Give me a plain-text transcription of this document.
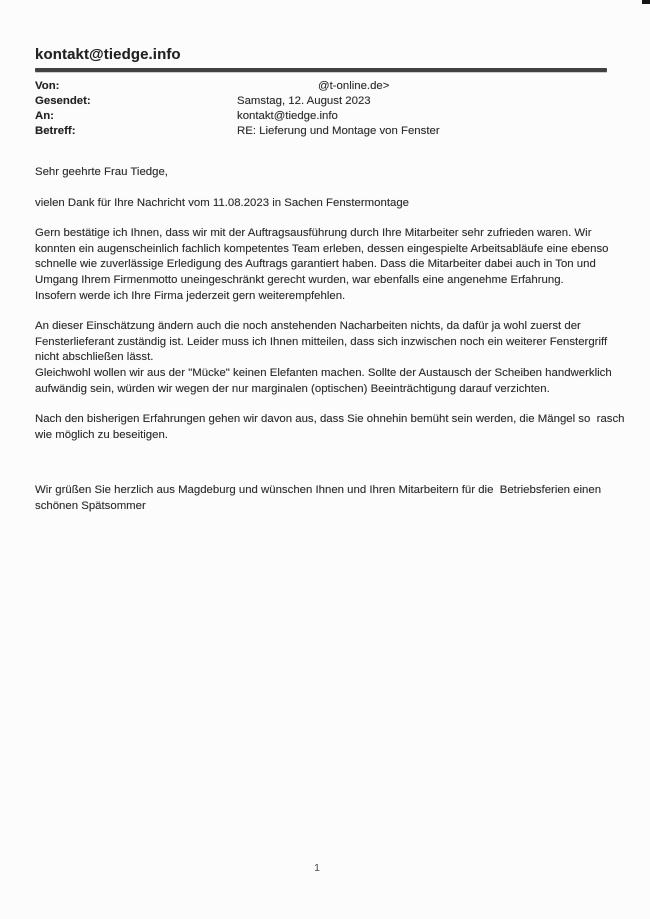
kontakt@tiedge.info
Von:	@t-online.de>
Gesendet:	Samstag, 12. August 2023
An:	kontakt@tiedge.info
Betreff:	RE: Lieferung und Montage von Fenster
Sehr geehrte Frau Tiedge,
vielen Dank für Ihre Nachricht vom 11.08.2023 in Sachen Fenstermontage
Gern bestätige ich Ihnen, dass wir mit der Auftragsausführung durch Ihre Mitarbeiter sehr zufrieden waren. Wir
konnten ein augenscheinlich fachlich kompetentes Team erleben, dessen eingespielte Arbeitsabläufe eine ebenso
schnelle wie zuverlässige Erledigung des Auftrags garantiert haben. Dass die Mitarbeiter dabei auch in Ton und
Umgang Ihrem Firmenmotto uneingeschränkt gerecht wurden, war ebenfalls eine angenehme Erfahrung.
Insofern werde ich Ihre Firma jederzeit gern weiterempfehlen.
An dieser Einschätzung ändern auch die noch anstehenden Nacharbeiten nichts, da dafür ja wohl zuerst der
Fensterlieferant zuständig ist. Leider muss ich Ihnen mitteilen, dass sich inzwischen noch ein weiterer Fenstergriff
nicht abschließen lässt.
Gleichwohl wollen wir aus der "Mücke" keinen Elefanten machen. Sollte der Austausch der Scheiben handwerklich
aufwändig sein, würden wir wegen der nur marginalen (optischen) Beeinträchtigung darauf verzichten.
Nach den bisherigen Erfahrungen gehen wir davon aus, dass Sie ohnehin bemüht sein werden, die Mängel so  rasch
wie möglich zu beseitigen.
Wir grüßen Sie herzlich aus Magdeburg und wünschen Ihnen und Ihren Mitarbeitern für die  Betriebsferien einen
schönen Spätsommer
1
